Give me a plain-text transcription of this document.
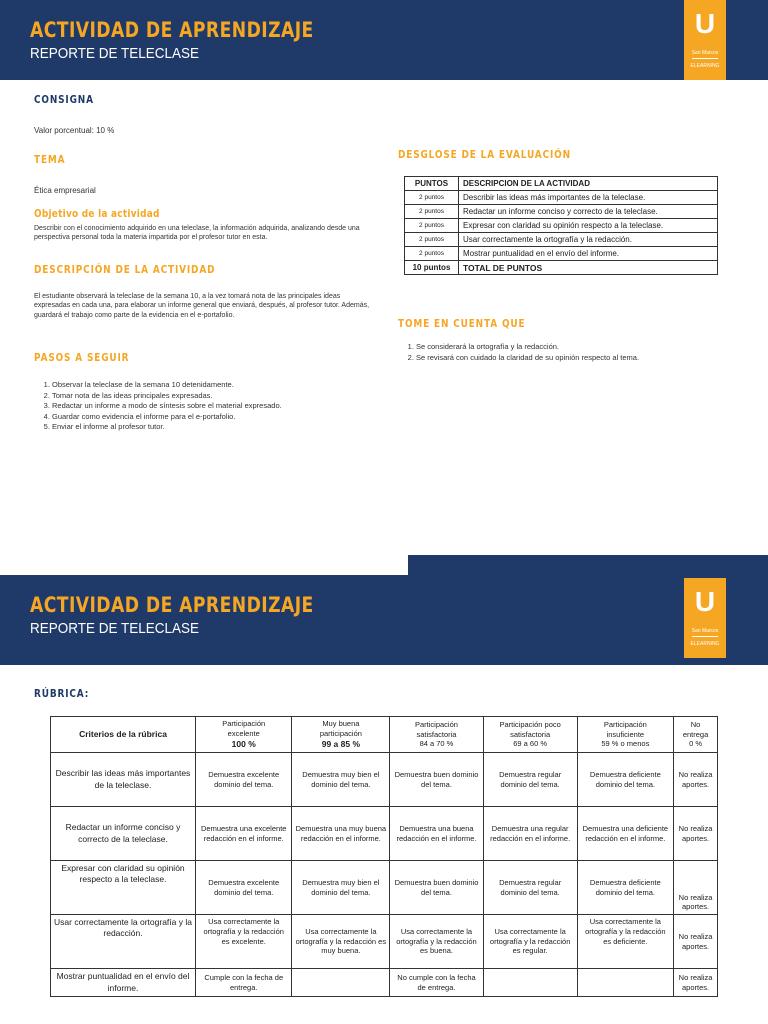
ACTIVIDAD DE APRENDIZAJE
REPORTE DE TELECLASE
U
San Marcos
ELEARNING
CONSIGNA
Valor porcentual: 10 %
TEMA
Ética empresarial
Objetivo de la actividad
Describir con el conocimiento adquirido en una teleclase, la información adquirida, analizando desde una perspectiva personal toda la materia impartida por el profesor tutor en esta.
DESCRIPCIÓN DE LA ACTIVIDAD
El estudiante observará la teleclase de la semana 10, a la vez tomará nota de las principales ideas expresadas en cada una, para elaborar un informe general que enviará, después, al profesor tutor. Además, guardará el trabajo como parte de la evidencia en el e-portafolio.
PASOS A SEGUIR
1. Observar la teleclase de la semana 10 detenidamente.
2. Tomar nota de las ideas principales expresadas.
3. Redactar un informe a modo de síntesis sobre el material expresado.
4. Guardar como evidencia el informe para el e-portafolio.
5. Enviar el informe al profesor tutor.
DESGLOSE DE LA EVALUACIÓN
PUNTOS	DESCRIPCION DE LA ACTIVIDAD
2 puntos	Describir las ideas más importantes de la teleclase.
2 puntos	Redactar un informe conciso y correcto de la teleclase.
2 puntos	Expresar con claridad su opinión respecto a la teleclase.
2 puntos	Usar correctamente la ortografía y la redacción.
2 puntos	Mostrar puntualidad en el envío del informe.
10 puntos	TOTAL DE PUNTOS
TOME EN CUENTA QUE
1. Se considerará la ortografía y la redacción.
2. Se revisará con cuidado la claridad de su opinión respecto al tema.
ACTIVIDAD DE APRENDIZAJE
REPORTE DE TELECLASE
U
San Marcos
ELEARNING
RÚBRICA:
Criterios de la rúbrica	Participación
excelente
100 %	Muy buena
participación
99 a 85 %	Participación
satisfactoria
84 a 70 %	Participación poco
satisfactoria
69 a 60 %	Participación
insuficiente
59 % o menos	No entrega
0 %
Describir las ideas más importantes de la teleclase.	Demuestra excelente dominio del tema.	Demuestra muy bien el dominio del tema.	Demuestra buen dominio del tema.	Demuestra regular dominio del tema.	Demuestra deficiente dominio del tema.	No realiza aportes.
Redactar un informe conciso y correcto de la teleclase.	Demuestra una excelente redacción en el informe.	Demuestra una muy buena redacción en el informe.	Demuestra una buena redacción en el informe.	Demuestra una regular redacción en el informe.	Demuestra una deficiente redacción en el informe.	No realiza aportes.
Expresar con claridad su opinión respecto a la teleclase.	Demuestra excelente dominio del tema.	Demuestra muy bien el dominio del tema.	Demuestra buen dominio del tema.	Demuestra regular dominio del tema.	Demuestra deficiente dominio del tema.	No realiza aportes.
Usar correctamente la ortografía y la redacción.	Usa correctamente la ortografía y la redacción es excelente.	Usa correctamente la ortografía y la redacción es muy buena.	Usa correctamente la ortografía y la redacción es buena.	Usa correctamente la ortografía y la redacción es regular.	Usa correctamente la ortografía y la redacción es deficiente.	No realiza aportes.
Mostrar puntualidad en el envío del informe.	Cumple con la fecha de entrega.		No cumple con la fecha de entrega.			No realiza aportes.
